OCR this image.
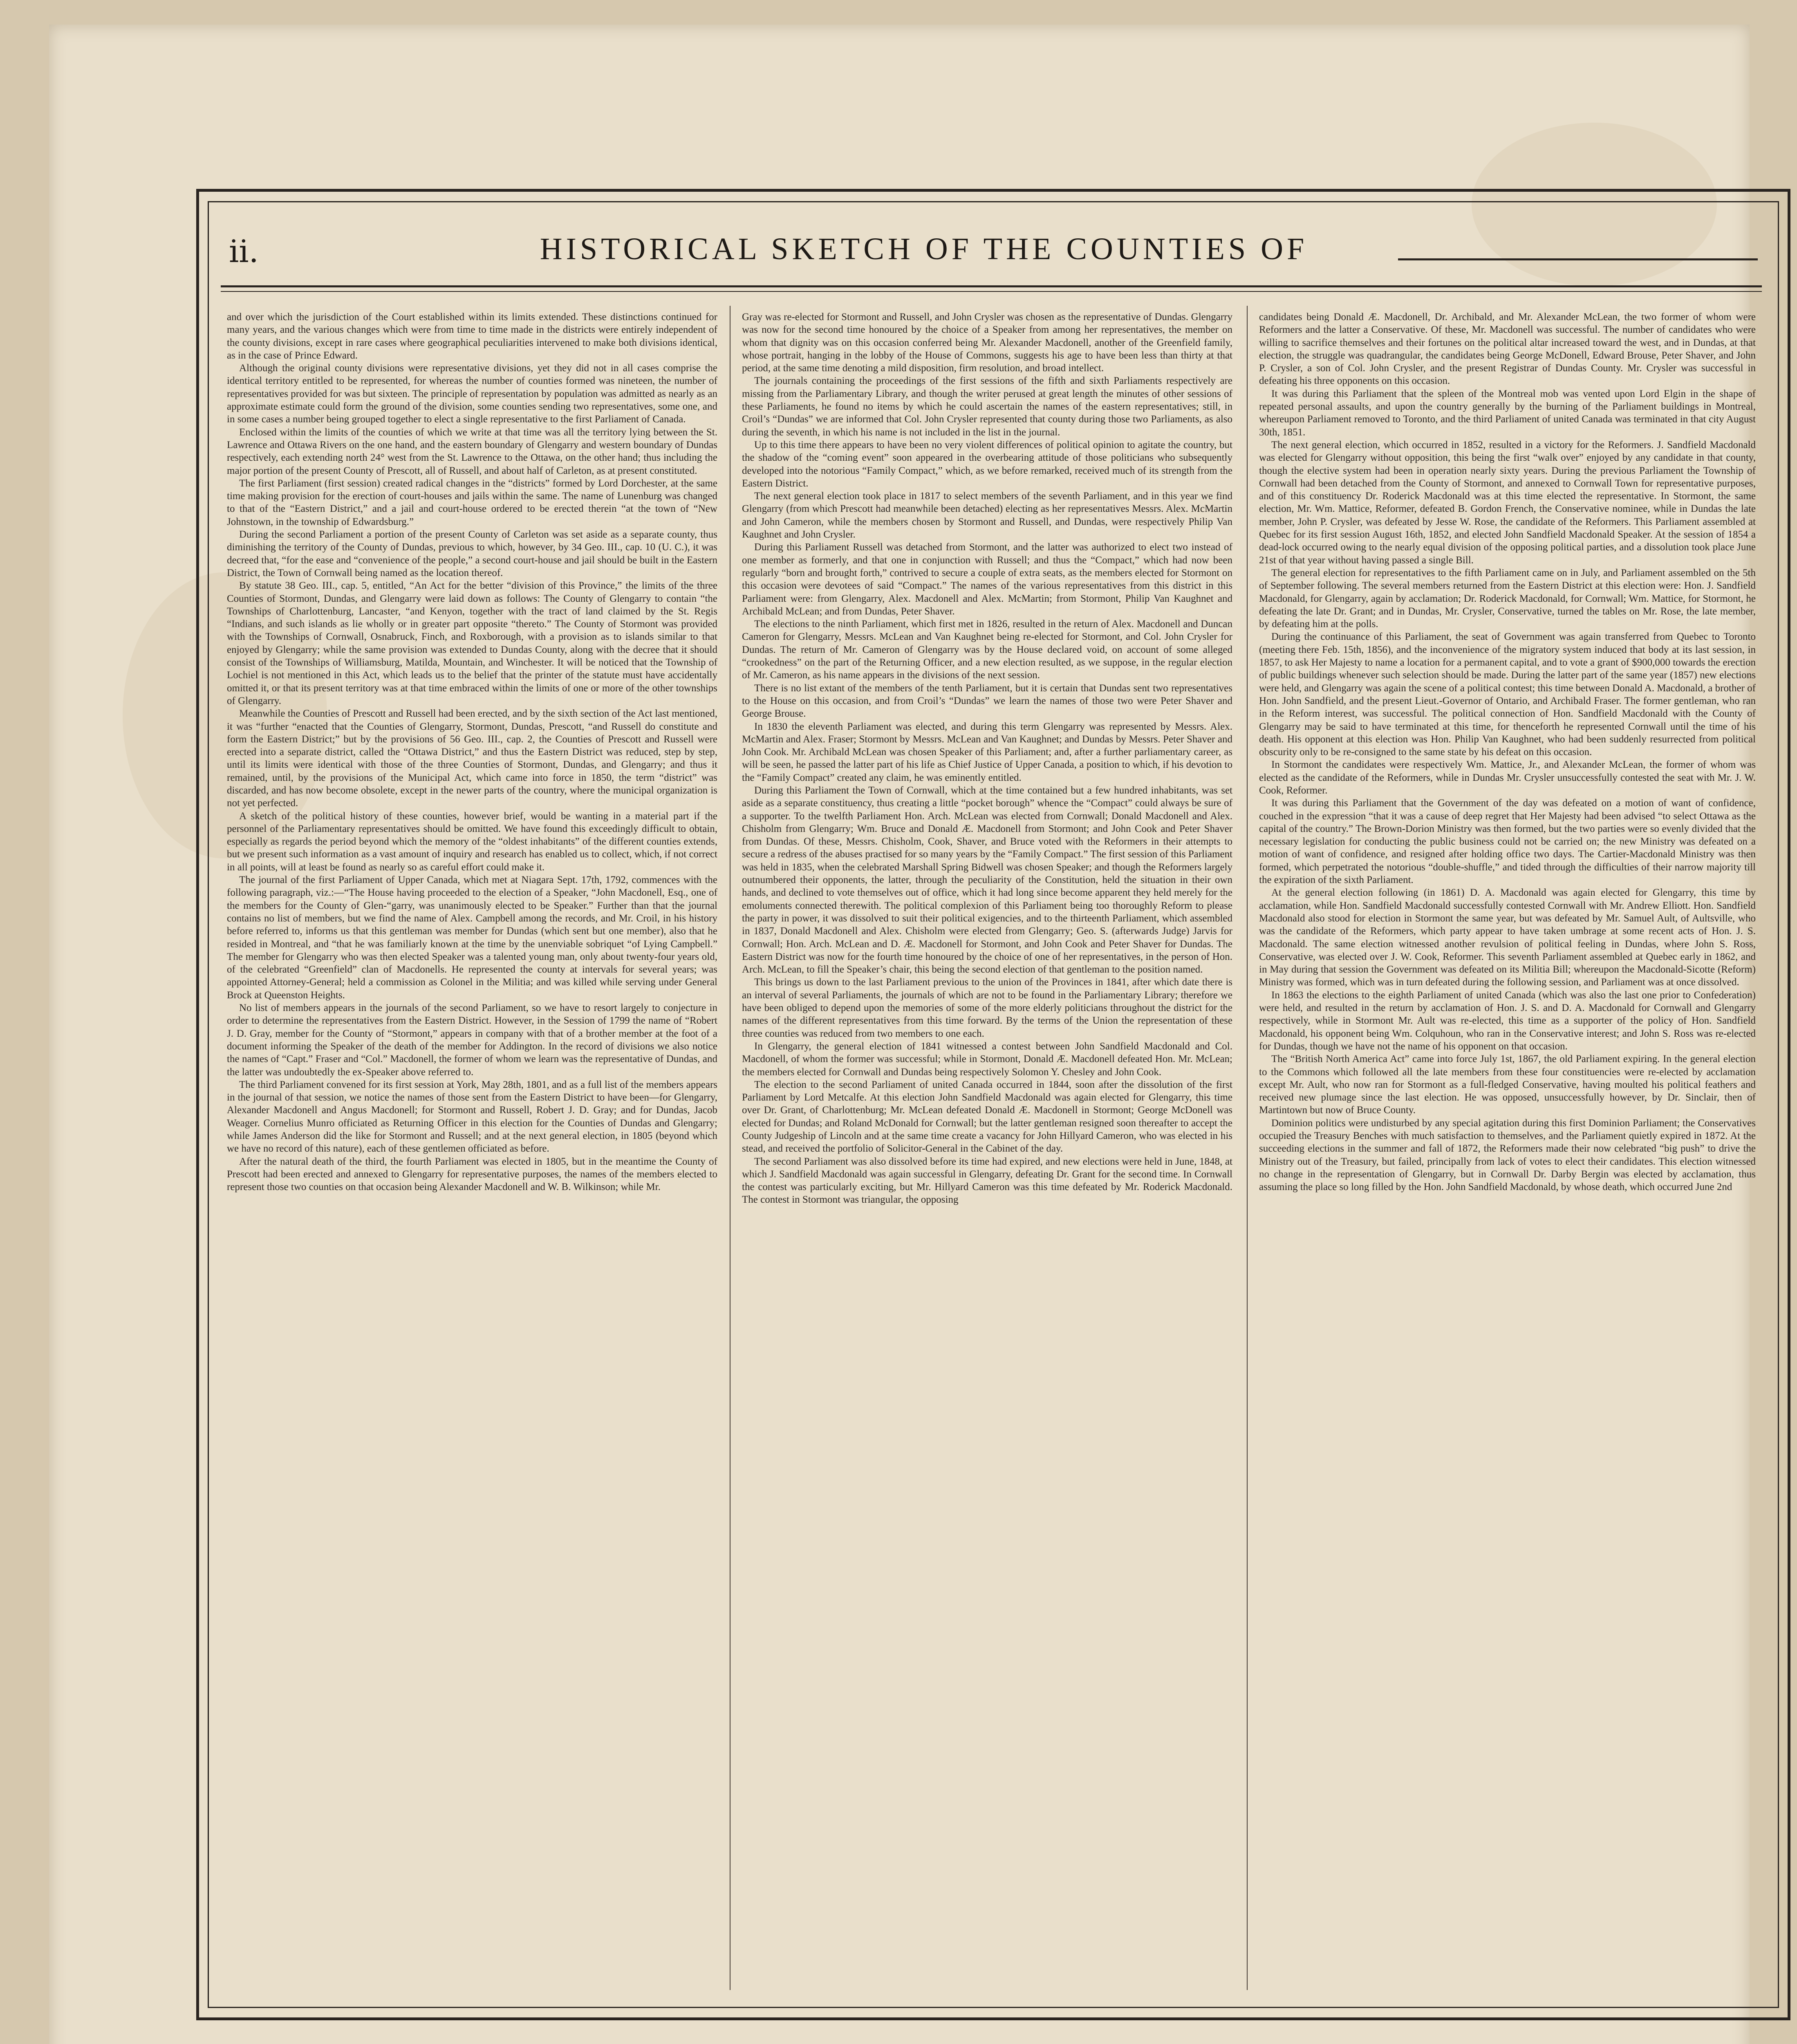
ii.	HISTORICAL SKETCH OF THE COUNTIES OF

and over which the jurisdiction of the Court established within its limits extended. These distinctions continued for many years, and the various changes which were from time to time made in the districts were entirely independent of the county divisions, except in rare cases where geographical peculiarities intervened to make both divisions identical, as in the case of Prince Edward.

Although the original county divisions were representative divisions, yet they did not in all cases comprise the identical territory entitled to be represented, for whereas the number of counties formed was nineteen, the number of representatives provided for was but sixteen. The principle of representation by population was admitted as nearly as an approximate estimate could form the ground of the division, some counties sending two representatives, some one, and in some cases a number being grouped together to elect a single representative to the first Parliament of Canada.

Enclosed within the limits of the counties of which we write at that time was all the territory lying between the St. Lawrence and Ottawa Rivers on the one hand, and the eastern boundary of Glengarry and western boundary of Dundas respectively, each extending north 24° west from the St. Lawrence to the Ottawa, on the other hand; thus including the major portion of the present County of Prescott, all of Russell, and about half of Carleton, as at present constituted.

The first Parliament (first session) created radical changes in the “districts” formed by Lord Dorchester, at the same time making provision for the erection of court-houses and jails within the same. The name of Lunenburg was changed to that of the “Eastern District,” and a jail and court-house ordered to be erected therein “at the town of “New Johnstown, in the township of Edwardsburg.”

During the second Parliament a portion of the present County of Carleton was set aside as a separate county, thus diminishing the territory of the County of Dundas, previous to which, however, by 34 Geo. III., cap. 10 (U. C.), it was decreed that, “for the ease and “convenience of the people,” a second court-house and jail should be built in the Eastern District, the Town of Cornwall being named as the location thereof.

By statute 38 Geo. III., cap. 5, entitled, “An Act for the better “division of this Province,” the limits of the three Counties of Stormont, Dundas, and Glengarry were laid down as follows: The County of Glengarry to contain “the Townships of Charlottenburg, Lancaster, “and Kenyon, together with the tract of land claimed by the St. Regis “Indians, and such islands as lie wholly or in greater part opposite “thereto.” The County of Stormont was provided with the Townships of Cornwall, Osnabruck, Finch, and Roxborough, with a provision as to islands similar to that enjoyed by Glengarry; while the same provision was extended to Dundas County, along with the decree that it should consist of the Townships of Williamsburg, Matilda, Mountain, and Winchester. It will be noticed that the Township of Lochiel is not mentioned in this Act, which leads us to the belief that the printer of the statute must have accidentally omitted it, or that its present territory was at that time embraced within the limits of one or more of the other townships of Glengarry.

Meanwhile the Counties of Prescott and Russell had been erected, and by the sixth section of the Act last mentioned, it was “further “enacted that the Counties of Glengarry, Stormont, Dundas, Prescott, “and Russell do constitute and form the Eastern District;” but by the provisions of 56 Geo. III., cap. 2, the Counties of Prescott and Russell were erected into a separate district, called the “Ottawa District,” and thus the Eastern District was reduced, step by step, until its limits were identical with those of the three Counties of Stormont, Dundas, and Glengarry; and thus it remained, until, by the provisions of the Municipal Act, which came into force in 1850, the term “district” was discarded, and has now become obsolete, except in the newer parts of the country, where the municipal organization is not yet perfected.

A sketch of the political history of these counties, however brief, would be wanting in a material part if the personnel of the Parliamentary representatives should be omitted. We have found this exceedingly difficult to obtain, especially as regards the period beyond which the memory of the “oldest inhabitants” of the different counties extends, but we present such information as a vast amount of inquiry and research has enabled us to collect, which, if not correct in all points, will at least be found as nearly so as careful effort could make it.

The journal of the first Parliament of Upper Canada, which met at Niagara Sept. 17th, 1792, commences with the following paragraph, viz.:—“The House having proceeded to the election of a Speaker, “John Macdonell, Esq., one of the members for the County of Glen-“garry, was unanimously elected to be Speaker.” Further than that the journal contains no list of members, but we find the name of Alex. Campbell among the records, and Mr. Croil, in his history before referred to, informs us that this gentleman was member for Dundas (which sent but one member), also that he resided in Montreal, and “that he was familiarly known at the time by the unenviable sobriquet “of Lying Campbell.” The member for Glengarry who was then elected Speaker was a talented young man, only about twenty-four years old, of the celebrated “Greenfield” clan of Macdonells. He represented the county at intervals for several years; was appointed Attorney-General; held a commission as Colonel in the Militia; and was killed while serving under General Brock at Queenston Heights.

No list of members appears in the journals of the second Parliament, so we have to resort largely to conjecture in order to determine the representatives from the Eastern District. However, in the Session of 1799 the name of “Robert J. D. Gray, member for the County of “Stormont,” appears in company with that of a brother member at the foot of a document informing the Speaker of the death of the member for Addington. In the record of divisions we also notice the names of “Capt.” Fraser and “Col.” Macdonell, the former of whom we learn was the representative of Dundas, and the latter was undoubtedly the ex-Speaker above referred to.

The third Parliament convened for its first session at York, May 28th, 1801, and as a full list of the members appears in the journal of that session, we notice the names of those sent from the Eastern District to have been—for Glengarry, Alexander Macdonell and Angus Macdonell; for Stormont and Russell, Robert J. D. Gray; and for Dundas, Jacob Weager. Cornelius Munro officiated as Returning Officer in this election for the Counties of Dundas and Glengarry; while James Anderson did the like for Stormont and Russell; and at the next general election, in 1805 (beyond which we have no record of this nature), each of these gentlemen officiated as before.

After the natural death of the third, the fourth Parliament was elected in 1805, but in the meantime the County of Prescott had been erected and annexed to Glengarry for representative purposes, the names of the members elected to represent those two counties on that occasion being Alexander Macdonell and W. B. Wilkinson; while Mr.

Gray was re-elected for Stormont and Russell, and John Crysler was chosen as the representative of Dundas. Glengarry was now for the second time honoured by the choice of a Speaker from among her representatives, the member on whom that dignity was on this occasion conferred being Mr. Alexander Macdonell, another of the Greenfield family, whose portrait, hanging in the lobby of the House of Commons, suggests his age to have been less than thirty at that period, at the same time denoting a mild disposition, firm resolution, and broad intellect.

The journals containing the proceedings of the first sessions of the fifth and sixth Parliaments respectively are missing from the Parliamentary Library, and though the writer perused at great length the minutes of other sessions of these Parliaments, he found no items by which he could ascertain the names of the eastern representatives; still, in Croil’s “Dundas” we are informed that Col. John Crysler represented that county during those two Parliaments, as also during the seventh, in which his name is not included in the list in the journal.

Up to this time there appears to have been no very violent differences of political opinion to agitate the country, but the shadow of the “coming event” soon appeared in the overbearing attitude of those politicians who subsequently developed into the notorious “Family Compact,” which, as we before remarked, received much of its strength from the Eastern District.

The next general election took place in 1817 to select members of the seventh Parliament, and in this year we find Glengarry (from which Prescott had meanwhile been detached) electing as her representatives Messrs. Alex. McMartin and John Cameron, while the members chosen by Stormont and Russell, and Dundas, were respectively Philip Van Kaughnet and John Crysler.

During this Parliament Russell was detached from Stormont, and the latter was authorized to elect two instead of one member as formerly, and that one in conjunction with Russell; and thus the “Compact,” which had now been regularly “born and brought forth,” contrived to secure a couple of extra seats, as the members elected for Stormont on this occasion were devotees of said “Compact.” The names of the various representatives from this district in this Parliament were: from Glengarry, Alex. Macdonell and Alex. McMartin; from Stormont, Philip Van Kaughnet and Archibald McLean; and from Dundas, Peter Shaver.

The elections to the ninth Parliament, which first met in 1826, resulted in the return of Alex. Macdonell and Duncan Cameron for Glengarry, Messrs. McLean and Van Kaughnet being re-elected for Stormont, and Col. John Crysler for Dundas. The return of Mr. Cameron of Glengarry was by the House declared void, on account of some alleged “crookedness” on the part of the Returning Officer, and a new election resulted, as we suppose, in the regular election of Mr. Cameron, as his name appears in the divisions of the next session.

There is no list extant of the members of the tenth Parliament, but it is certain that Dundas sent two representatives to the House on this occasion, and from Croil’s “Dundas” we learn the names of those two were Peter Shaver and George Brouse.

In 1830 the eleventh Parliament was elected, and during this term Glengarry was represented by Messrs. Alex. McMartin and Alex. Fraser; Stormont by Messrs. McLean and Van Kaughnet; and Dundas by Messrs. Peter Shaver and John Cook. Mr. Archibald McLean was chosen Speaker of this Parliament; and, after a further parliamentary career, as will be seen, he passed the latter part of his life as Chief Justice of Upper Canada, a position to which, if his devotion to the “Family Compact” created any claim, he was eminently entitled.

During this Parliament the Town of Cornwall, which at the time contained but a few hundred inhabitants, was set aside as a separate constituency, thus creating a little “pocket borough” whence the “Compact” could always be sure of a supporter. To the twelfth Parliament Hon. Arch. McLean was elected from Cornwall; Donald Macdonell and Alex. Chisholm from Glengarry; Wm. Bruce and Donald Æ. Macdonell from Stormont; and John Cook and Peter Shaver from Dundas. Of these, Messrs. Chisholm, Cook, Shaver, and Bruce voted with the Reformers in their attempts to secure a redress of the abuses practised for so many years by the “Family Compact.” The first session of this Parliament was held in 1835, when the celebrated Marshall Spring Bidwell was chosen Speaker; and though the Reformers largely outnumbered their opponents, the latter, through the peculiarity of the Constitution, held the situation in their own hands, and declined to vote themselves out of office, which it had long since become apparent they held merely for the emoluments connected therewith. The political complexion of this Parliament being too thoroughly Reform to please the party in power, it was dissolved to suit their political exigencies, and to the thirteenth Parliament, which assembled in 1837, Donald Macdonell and Alex. Chisholm were elected from Glengarry; Geo. S. (afterwards Judge) Jarvis for Cornwall; Hon. Arch. McLean and D. Æ. Macdonell for Stormont, and John Cook and Peter Shaver for Dundas. The Eastern District was now for the fourth time honoured by the choice of one of her representatives, in the person of Hon. Arch. McLean, to fill the Speaker’s chair, this being the second election of that gentleman to the position named.

This brings us down to the last Parliament previous to the union of the Provinces in 1841, after which date there is an interval of several Parliaments, the journals of which are not to be found in the Parliamentary Library; therefore we have been obliged to depend upon the memories of some of the more elderly politicians throughout the district for the names of the different representatives from this time forward. By the terms of the Union the representation of these three counties was reduced from two members to one each.

In Glengarry, the general election of 1841 witnessed a contest between John Sandfield Macdonald and Col. Macdonell, of whom the former was successful; while in Stormont, Donald Æ. Macdonell defeated Hon. Mr. McLean; the members elected for Cornwall and Dundas being respectively Solomon Y. Chesley and John Cook.

The election to the second Parliament of united Canada occurred in 1844, soon after the dissolution of the first Parliament by Lord Metcalfe. At this election John Sandfield Macdonald was again elected for Glengarry, this time over Dr. Grant, of Charlottenburg; Mr. McLean defeated Donald Æ. Macdonell in Stormont; George McDonell was elected for Dundas; and Roland McDonald for Cornwall; but the latter gentleman resigned soon thereafter to accept the County Judgeship of Lincoln and at the same time create a vacancy for John Hillyard Cameron, who was elected in his stead, and received the portfolio of Solicitor-General in the Cabinet of the day.

The second Parliament was also dissolved before its time had expired, and new elections were held in June, 1848, at which J. Sandfield Macdonald was again successful in Glengarry, defeating Dr. Grant for the second time. In Cornwall the contest was particularly exciting, but Mr. Hillyard Cameron was this time defeated by Mr. Roderick Macdonald. The contest in Stormont was triangular, the opposing

candidates being Donald Æ. Macdonell, Dr. Archibald, and Mr. Alexander McLean, the two former of whom were Reformers and the latter a Conservative. Of these, Mr. Macdonell was successful. The number of candidates who were willing to sacrifice themselves and their fortunes on the political altar increased toward the west, and in Dundas, at that election, the struggle was quadrangular, the candidates being George McDonell, Edward Brouse, Peter Shaver, and John P. Crysler, a son of Col. John Crysler, and the present Registrar of Dundas County. Mr. Crysler was successful in defeating his three opponents on this occasion.

It was during this Parliament that the spleen of the Montreal mob was vented upon Lord Elgin in the shape of repeated personal assaults, and upon the country generally by the burning of the Parliament buildings in Montreal, whereupon Parliament removed to Toronto, and the third Parliament of united Canada was terminated in that city August 30th, 1851.

The next general election, which occurred in 1852, resulted in a victory for the Reformers. J. Sandfield Macdonald was elected for Glengarry without opposition, this being the first “walk over” enjoyed by any candidate in that county, though the elective system had been in operation nearly sixty years. During the previous Parliament the Township of Cornwall had been detached from the County of Stormont, and annexed to Cornwall Town for representative purposes, and of this constituency Dr. Roderick Macdonald was at this time elected the representative. In Stormont, the same election, Mr. Wm. Mattice, Reformer, defeated B. Gordon French, the Conservative nominee, while in Dundas the late member, John P. Crysler, was defeated by Jesse W. Rose, the candidate of the Reformers. This Parliament assembled at Quebec for its first session August 16th, 1852, and elected John Sandfield Macdonald Speaker. At the session of 1854 a dead-lock occurred owing to the nearly equal division of the opposing political parties, and a dissolution took place June 21st of that year without having passed a single Bill.

The general election for representatives to the fifth Parliament came on in July, and Parliament assembled on the 5th of September following. The several members returned from the Eastern District at this election were: Hon. J. Sandfield Macdonald, for Glengarry, again by acclamation; Dr. Roderick Macdonald, for Cornwall; Wm. Mattice, for Stormont, he defeating the late Dr. Grant; and in Dundas, Mr. Crysler, Conservative, turned the tables on Mr. Rose, the late member, by defeating him at the polls.

During the continuance of this Parliament, the seat of Government was again transferred from Quebec to Toronto (meeting there Feb. 15th, 1856), and the inconvenience of the migratory system induced that body at its last session, in 1857, to ask Her Majesty to name a location for a permanent capital, and to vote a grant of $900,000 towards the erection of public buildings whenever such selection should be made. During the latter part of the same year (1857) new elections were held, and Glengarry was again the scene of a political contest; this time between Donald A. Macdonald, a brother of Hon. John Sandfield, and the present Lieut.-Governor of Ontario, and Archibald Fraser. The former gentleman, who ran in the Reform interest, was successful. The political connection of Hon. Sandfield Macdonald with the County of Glengarry may be said to have terminated at this time, for thenceforth he represented Cornwall until the time of his death. His opponent at this election was Hon. Philip Van Kaughnet, who had been suddenly resurrected from political obscurity only to be re-consigned to the same state by his defeat on this occasion.

In Stormont the candidates were respectively Wm. Mattice, Jr., and Alexander McLean, the former of whom was elected as the candidate of the Reformers, while in Dundas Mr. Crysler unsuccessfully contested the seat with Mr. J. W. Cook, Reformer.

It was during this Parliament that the Government of the day was defeated on a motion of want of confidence, couched in the expression “that it was a cause of deep regret that Her Majesty had been advised “to select Ottawa as the capital of the country.” The Brown-Dorion Ministry was then formed, but the two parties were so evenly divided that the necessary legislation for conducting the public business could not be carried on; the new Ministry was defeated on a motion of want of confidence, and resigned after holding office two days. The Cartier-Macdonald Ministry was then formed, which perpetrated the notorious “double-shuffle,” and tided through the difficulties of their narrow majority till the expiration of the sixth Parliament.

At the general election following (in 1861) D. A. Macdonald was again elected for Glengarry, this time by acclamation, while Hon. Sandfield Macdonald successfully contested Cornwall with Mr. Andrew Elliott. Hon. Sandfield Macdonald also stood for election in Stormont the same year, but was defeated by Mr. Samuel Ault, of Aultsville, who was the candidate of the Reformers, which party appear to have taken umbrage at some recent acts of Hon. J. S. Macdonald. The same election witnessed another revulsion of political feeling in Dundas, where John S. Ross, Conservative, was elected over J. W. Cook, Reformer. This seventh Parliament assembled at Quebec early in 1862, and in May during that session the Government was defeated on its Militia Bill; whereupon the Macdonald-Sicotte (Reform) Ministry was formed, which was in turn defeated during the following session, and Parliament was at once dissolved.

In 1863 the elections to the eighth Parliament of united Canada (which was also the last one prior to Confederation) were held, and resulted in the return by acclamation of Hon. J. S. and D. A. Macdonald for Cornwall and Glengarry respectively, while in Stormont Mr. Ault was re-elected, this time as a supporter of the policy of Hon. Sandfield Macdonald, his opponent being Wm. Colquhoun, who ran in the Conservative interest; and John S. Ross was re-elected for Dundas, though we have not the name of his opponent on that occasion.

The “British North America Act” came into force July 1st, 1867, the old Parliament expiring. In the general election to the Commons which followed all the late members from these four constituencies were re-elected by acclamation except Mr. Ault, who now ran for Stormont as a full-fledged Conservative, having moulted his political feathers and received new plumage since the last election. He was opposed, unsuccessfully however, by Dr. Sinclair, then of Martintown but now of Bruce County.

Dominion politics were undisturbed by any special agitation during this first Dominion Parliament; the Conservatives occupied the Treasury Benches with much satisfaction to themselves, and the Parliament quietly expired in 1872. At the succeeding elections in the summer and fall of 1872, the Reformers made their now celebrated “big push” to drive the Ministry out of the Treasury, but failed, principally from lack of votes to elect their candidates. This election witnessed no change in the representation of Glengarry, but in Cornwall Dr. Darby Bergin was elected by acclamation, thus assuming the place so long filled by the Hon. John Sandfield Macdonald, by whose death, which occurred June 2nd
